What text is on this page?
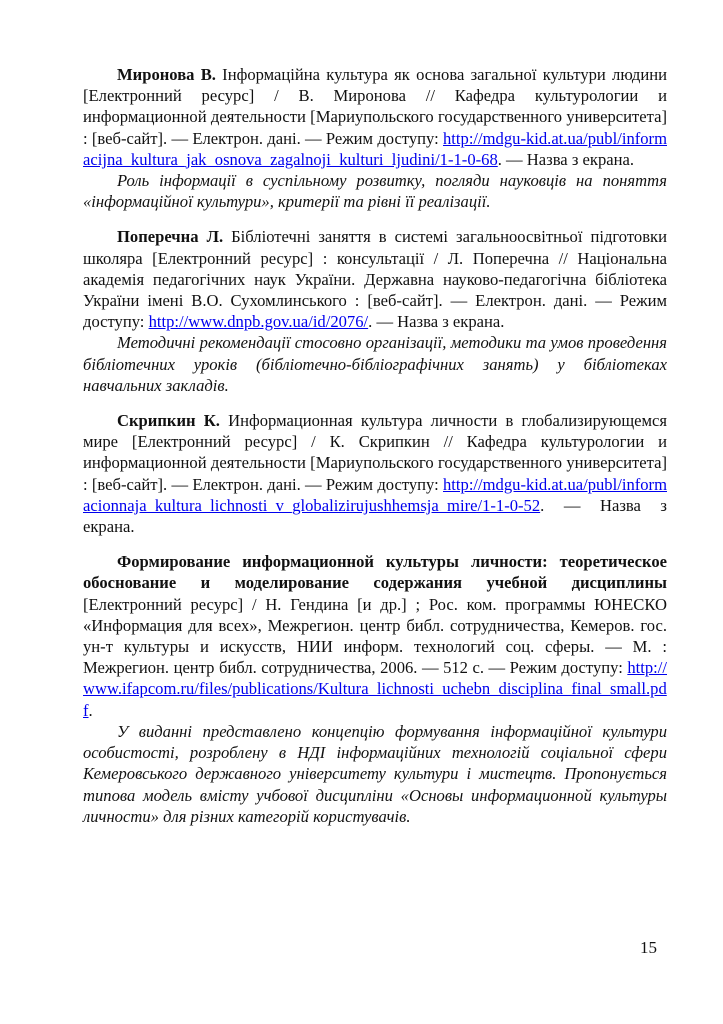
Миронова В. Інформаційна культура як основа загальної культури людини [Електронний ресурс] / В. Миронова // Кафедра культурологии и информационной деятельности [Мариупольского государственного университета] : [веб-сайт]. — Електрон. дані. — Режим доступу: http://mdgu-kid.at.ua/publ/informacijna_kultura_jak_osnova_zagalnoji_kulturi_ljudini/1-1-0-68. — Назва з екрана.

Роль інформації в суспільному розвитку, погляди науковців на поняття «інформаційної культури», критерії та рівні її реалізації.

Поперечна Л. Бібліотечні заняття в системі загальноосвітньої підготовки школяра [Електронний ресурс] : консультації / Л. Поперечна // Національна академія педагогічних наук України. Державна науково-педагогічна бібліотека України імені В.О. Сухомлинського : [веб-сайт]. — Електрон. дані. — Режим доступу: http://www.dnpb.gov.ua/id/2076/. — Назва з екрана.

Методичні рекомендації стосовно організації, методики та умов проведення бібліотечних уроків (бібліотечно-бібліографічних занять) у бібліотеках навчальних закладів.

Скрипкин К. Информационная культура личности в глобализирующемся мире [Електронний ресурс] / К. Скрипкин // Кафедра культурологии и информационной деятельности [Мариупольского государственного университета] : [веб-сайт]. — Електрон. дані. — Режим доступу: http://mdgu-kid.at.ua/publ/informacionnaja_kultura_lichnosti_v_globalizirujushhemsja_mire/1-1-0-52. — Назва з екрана.

Формирование информационной культуры личности: теоретическое обоснование и моделирование содержания учебной дисциплины [Електронний ресурс] / Н. Гендина [и др.] ; Рос. ком. программы ЮНЕСКО «Информация для всех», Межрегион. центр библ. сотрудничества, Кемеров. гос. ун-т культуры и искусств, НИИ информ. технологий соц. сферы. — М. : Межрегион. центр библ. сотрудничества, 2006. — 512 с. — Режим доступу: http://www.ifapcom.ru/files/publications/Kultura_lichnosti_uchebn_disciplina_final_small.pdf.

У виданні представлено концепцію формування інформаційної культури особистості, розроблену в НДІ інформаційних технологій соціальної сфери Кемеровського державного університету культури і мистецтв. Пропонується типова модель вмісту учбової дисципліни «Основы информационной культуры личности» для різних категорій користувачів.

15
